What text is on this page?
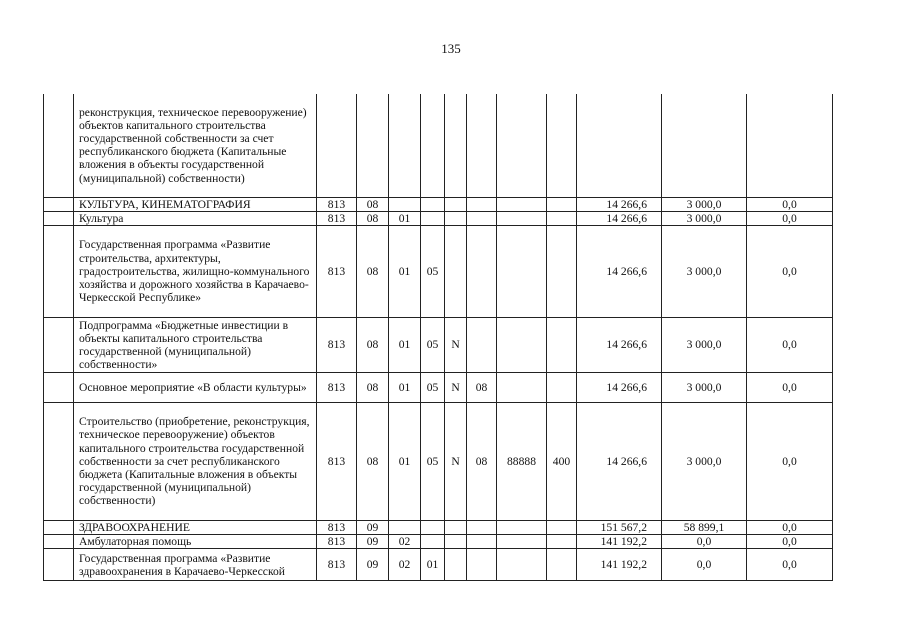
135
	реконструкция, техническое перевооружение) объектов капитального строительства государственной собственности за счет республиканского бюджета (Капитальные вложения в объекты государственной (муниципальной) собственности)											
	КУЛЬТУРА, КИНЕМАТОГРАФИЯ	813	08							14 266,6	3 000,0	0,0
	Культура	813	08	01						14 266,6	3 000,0	0,0
	Государственная программа «Развитие строительства, архитектуры, градостроительства, жилищно-коммунального хозяйства и дорожного хозяйства в Карачаево-Черкесской Республике»	813	08	01	05					14 266,6	3 000,0	0,0
	Подпрограмма «Бюджетные инвестиции в объекты капитального строительства государственной (муниципальной) собственности»	813	08	01	05	N				14 266,6	3 000,0	0,0
	Основное мероприятие «В области культуры»	813	08	01	05	N	08			14 266,6	3 000,0	0,0
	Строительство (приобретение, реконструкция, техническое перевооружение) объектов капитального строительства государственной собственности за счет республиканского бюджета (Капитальные вложения в объекты государственной (муниципальной) собственности)	813	08	01	05	N	08	88888	400	14 266,6	3 000,0	0,0
	ЗДРАВООХРАНЕНИЕ	813	09							151 567,2	58 899,1	0,0
	Амбулаторная помощь	813	09	02						141 192,2	0,0	0,0
	Государственная программа «Развитие здравоохранения в Карачаево-Черкесской	813	09	02	01					141 192,2	0,0	0,0
